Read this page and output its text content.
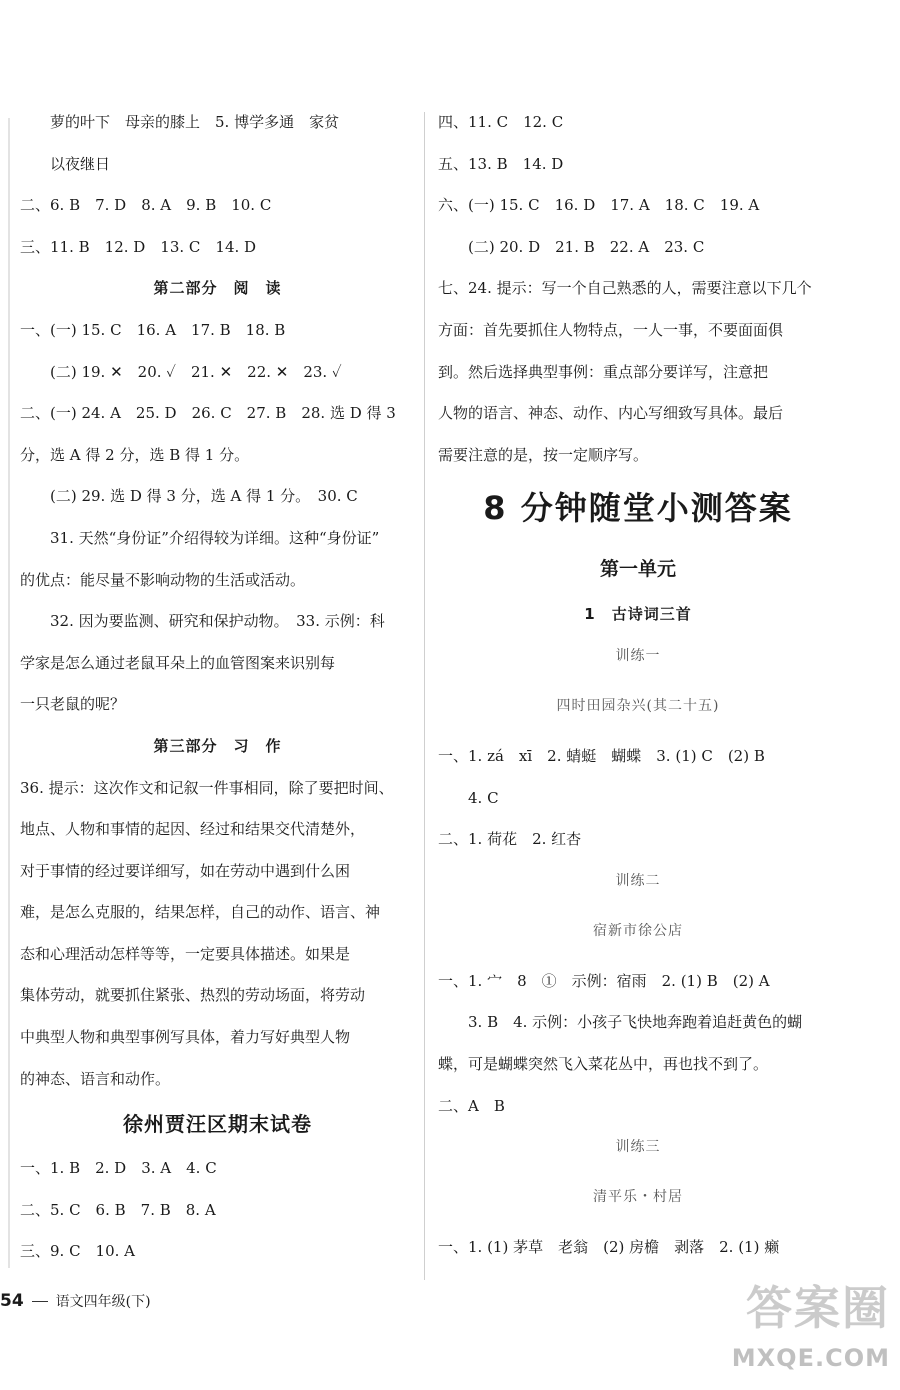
萝的叶下　母亲的膝上　5. 博学多通　家贫
以夜继日
二、6. B　7. D　8. A　9. B　10. C
三、11. B　12. D　13. C　14. D
第二部分　阅　读
一、(一) 15. C　16. A　17. B　18. B
(二) 19. ✕　20. ✓　21. ✕　22. ✕　23. ✓
二、(一) 24. A　25. D　26. C　27. B　28. 选 D 得 3
分，选 A 得 2 分，选 B 得 1 分。
(二) 29. 选 D 得 3 分，选 A 得 1 分。　30. C
31. 天然“身份证”介绍得较为详细。这种“身份证”
的优点：能尽量不影响动物的生活或活动。
32. 因为要监测、研究和保护动物。　33. 示例：科
学家是怎么通过老鼠耳朵上的血管图案来识别每
一只老鼠的呢？
第三部分　习　作
36. 提示：这次作文和记叙一件事相同，除了要把时间、
地点、人物和事情的起因、经过和结果交代清楚外，
对于事情的经过要详细写，如在劳动中遇到什么困
难，是怎么克服的，结果怎样，自己的动作、语言、神
态和心理活动怎样等等，一定要具体描述。如果是
集体劳动，就要抓住紧张、热烈的劳动场面，将劳动
中典型人物和典型事例写具体，着力写好典型人物
的神态、语言和动作。
徐州贾汪区期末试卷
一、1. B　2. D　3. A　4. C
二、5. C　6. B　7. B　8. A
三、9. C　10. A
四、11. C　12. C
五、13. B　14. D
六、(一) 15. C　16. D　17. A　18. C　19. A
(二) 20. D　21. B　22. A　23. C
七、24. 提示：写一个自己熟悉的人，需要注意以下几个
方面：首先要抓住人物特点，一人一事，不要面面俱
到。然后选择典型事例：重点部分要详写，注意把
人物的语言、神态、动作、内心写细致写具体。最后
需要注意的是，按一定顺序写。
8 分钟随堂小测答案
第一单元
1　古诗词三首
训练一
四时田园杂兴(其二十五)
一、1. zá　xī　2. 蜻蜓　蝴蝶　3. (1) C　(2) B
4. C
二、1. 荷花　2. 红杏
训练二
宿新市徐公店
一、1. 宀　8　①　示例：宿雨　2. (1) B　(2) A
3. B　4. 示例：小孩子飞快地奔跑着追赶黄色的蝴
蝶，可是蝴蝶突然飞入菜花丛中，再也找不到了。
二、A　B
训练三
清平乐・村居
一、1. (1) 茅草　老翁　(2) 房檐　剥落　2. (1) 癞
54 语文四年级(下)	答案圈
MXQE.COM
